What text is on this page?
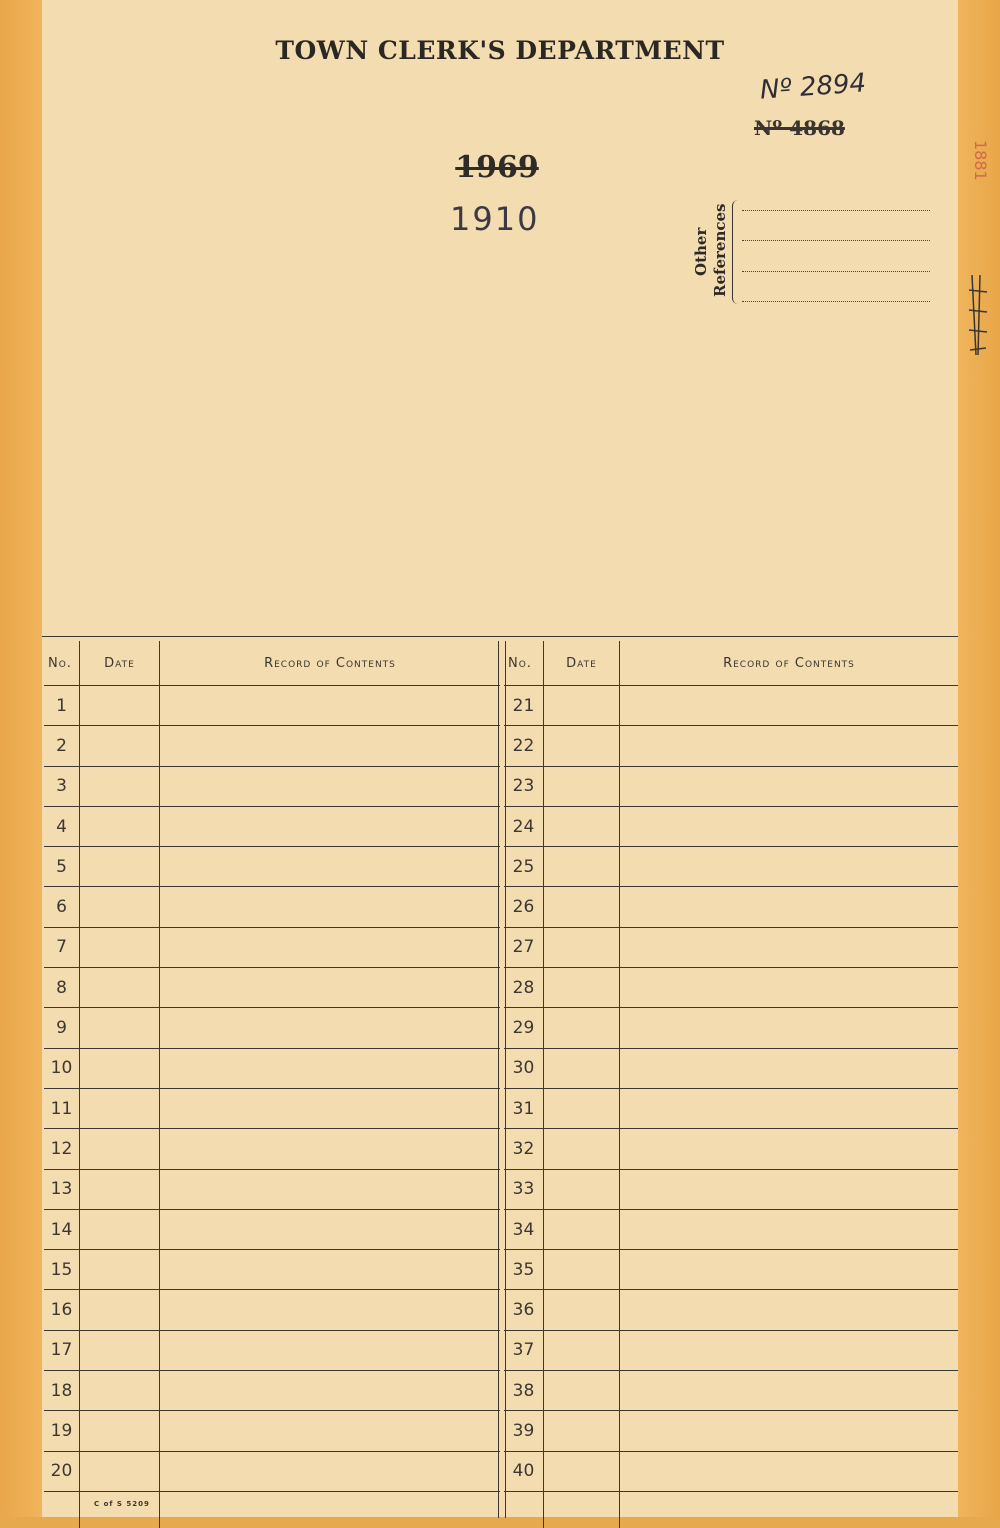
TOWN CLERK'S DEPARTMENT
Nº 2894
Nº 4868
1969
1910
Other References
No.	Date	Record of Contents
1
2
3
4
5
6
7
8
9
10
11
12
13
14
15
16
17
18
19
20
C of S 5209
No.	Date	Record of Contents
21
22
23
24
25
26
27
28
29
30
31
32
33
34
35
36
37
38
39
40
1881
